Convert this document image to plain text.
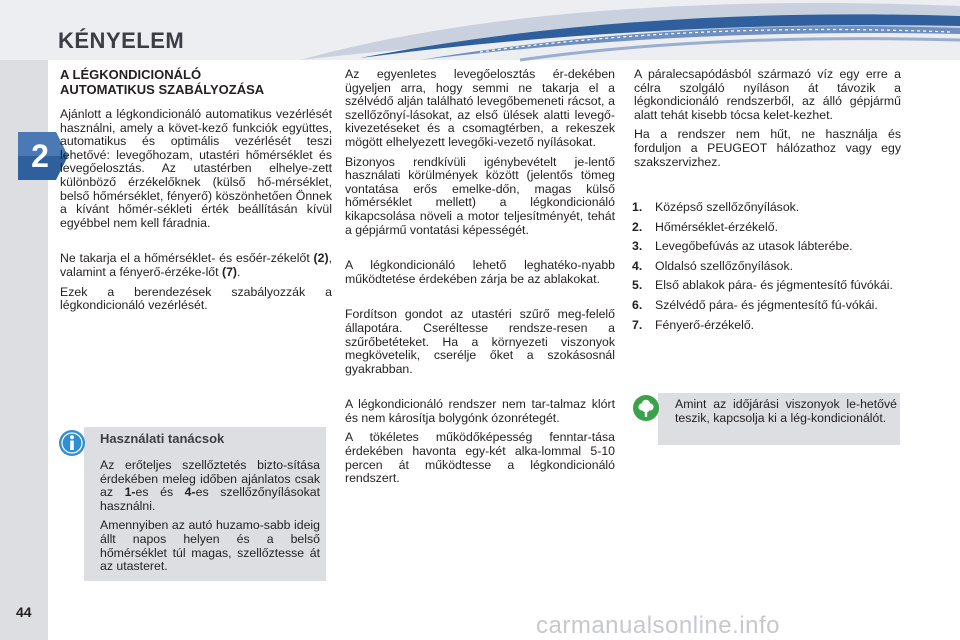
2
KÉNYELEM
A LÉGKONDICIONÁLÓ
AUTOMATIKUS SZABÁLYOZÁSA

Ajánlott a légkondicionáló automatikus vezérlését használni, amely a követ-kező funkciók együttes, automatikus és optimális vezérlését teszi lehetővé: levegőhozam, utastéri hőmérséklet és levegőelosztás. Az utastérben elhelye-zett különböző érzékelőknek (külső hő-mérséklet, belső hőmérséklet, fényerő) köszönhetően Önnek a kívánt hőmér-sékleti érték beállításán kívül egyébbel nem kell fáradnia.

Ne takarja el a hőmérséklet- és esőér-zékelőt (2), valamint a fényerő-érzéke-lőt (7).

Ezek a berendezések szabályozzák a légkondicionáló vezérlését.

Használati tanácsok

Az erőteljes szellőztetés bizto-sítása érdekében meleg időben ajánlatos csak az 1-es és 4-es szellőzőnyílásokat használni.

Amennyiben az autó huzamo-sabb ideig állt napos helyen és a belső hőmérséklet túl magas, szellőztesse át az utasteret.

Az egyenletes levegőelosztás ér-dekében ügyeljen arra, hogy semmi ne takarja el a szélvédő alján található levegőbemeneti rácsot, a szellőzőnyí-lásokat, az első ülések alatti levegő-kivezetéseket és a csomagtérben, a rekeszek mögött elhelyezett levegőki-vezető nyílásokat.

Bizonyos rendkívüli igénybevételt je-lentő használati körülmények között (jelentős tömeg vontatása erős emelke-dőn, magas külső hőmérséklet mellett) a légkondicionáló kikapcsolása növeli a motor teljesítményét, tehát a gépjármű vontatási képességét.

A légkondicionáló lehető leghatéko-nyabb működtetése érdekében zárja be az ablakokat.

Fordítson gondot az utastéri szűrő meg-felelő állapotára. Cseréltesse rendsze-resen a szűrőbetéteket. Ha a környezeti viszonyok megkövetelik, cserélje őket a szokásosnál gyakrabban.

A légkondicionáló rendszer nem tar-talmaz klórt és nem károsítja bolygónk ózonrétegét.

A tökéletes működőképesség fenntar-tása érdekében havonta egy-két alka-lommal 5-10 percen át működtesse a légkondicionáló rendszert.

A páralecsapódásból származó víz egy erre a célra szolgáló nyíláson át távozik a légkondicionáló rendszerből, az álló gépjármű alatt tehát kisebb tócsa kelet-kezhet.

Ha a rendszer nem hűt, ne használja és forduljon a PEUGEOT hálózathoz vagy egy szakszervizhez.

1. Középső szellőzőnyílások.
2. Hőmérséklet-érzékelő.
3. Levegőbefúvás az utasok lábterébe.
4. Oldalsó szellőzőnyílások.
5. Első ablakok pára- és jégmentesítő fúvókái.
6. Szélvédő pára- és jégmentesítő fú-vókái.
7. Fényerő-érzékelő.
Amint az időjárási viszonyok le-hetővé teszik, kapcsolja ki a lég-kondicionálót.
44	carmanualsonline.info
